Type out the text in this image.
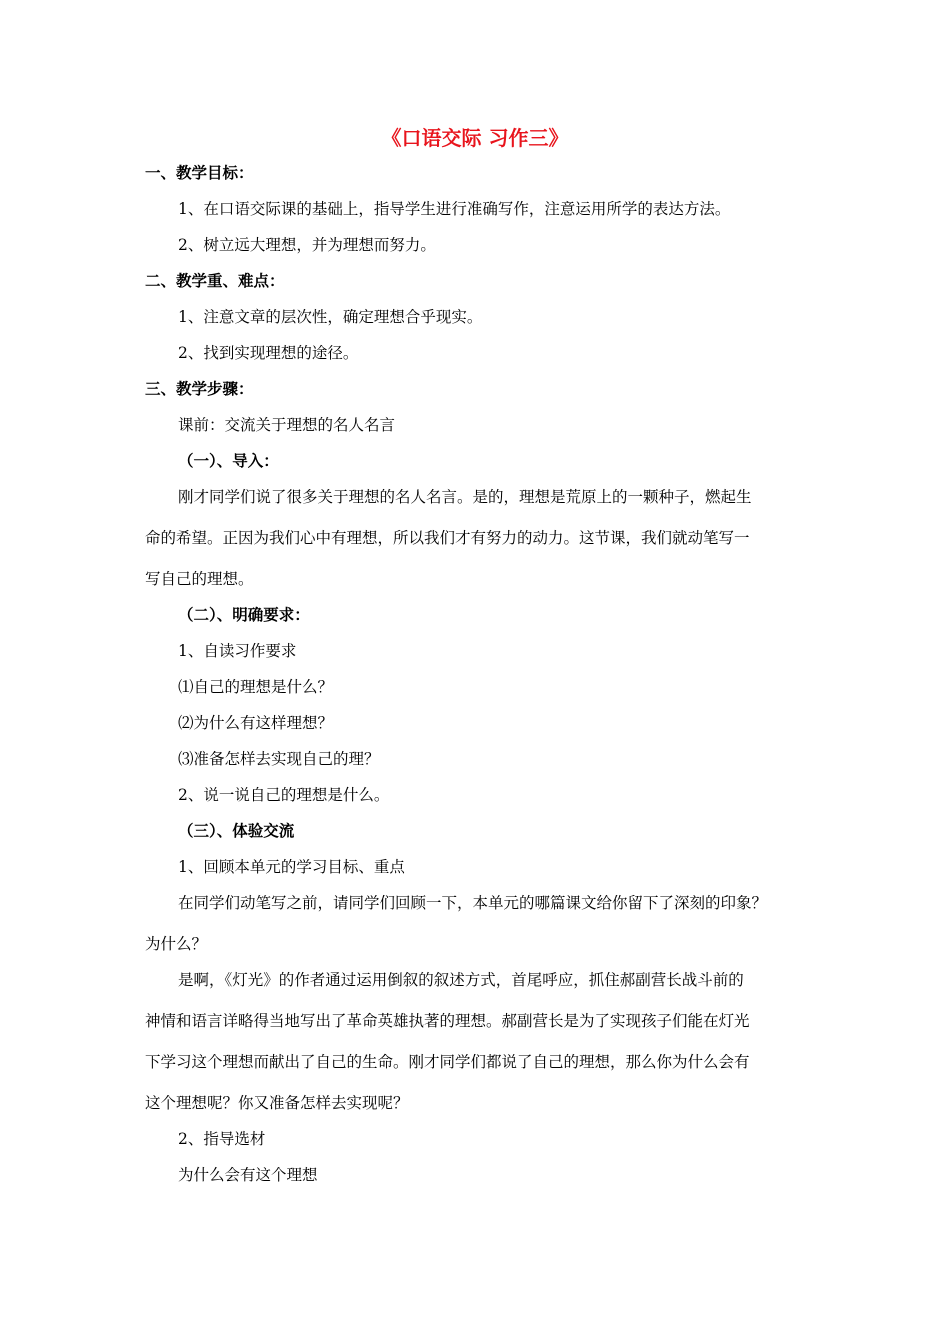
《口语交际 习作三》
一、教学目标：
1、在口语交际课的基础上，指导学生进行准确写作，注意运用所学的表达方法。
2、树立远大理想，并为理想而努力。
二、教学重、难点：
1、注意文章的层次性，确定理想合乎现实。
2、找到实现理想的途径。
三、教学步骤：
课前：交流关于理想的名人名言
（一）、导入：
刚才同学们说了很多关于理想的名人名言。是的，理想是荒原上的一颗种子，燃起生
命的希望。正因为我们心中有理想，所以我们才有努力的动力。这节课，我们就动笔写一
写自己的理想。
（二）、明确要求：
1、自读习作要求
⑴自己的理想是什么？
⑵为什么有这样理想？
⑶准备怎样去实现自己的理？
2、说一说自己的理想是什么。
（三）、体验交流
1、回顾本单元的学习目标、重点
在同学们动笔写之前，请同学们回顾一下，本单元的哪篇课文给你留下了深刻的印象？
为什么？
是啊，《灯光》的作者通过运用倒叙的叙述方式，首尾呼应，抓住郝副营长战斗前的
神情和语言详略得当地写出了革命英雄执著的理想。郝副营长是为了实现孩子们能在灯光
下学习这个理想而献出了自己的生命。刚才同学们都说了自己的理想，那么你为什么会有
这个理想呢？你又准备怎样去实现呢？
2、指导选材
为什么会有这个理想
